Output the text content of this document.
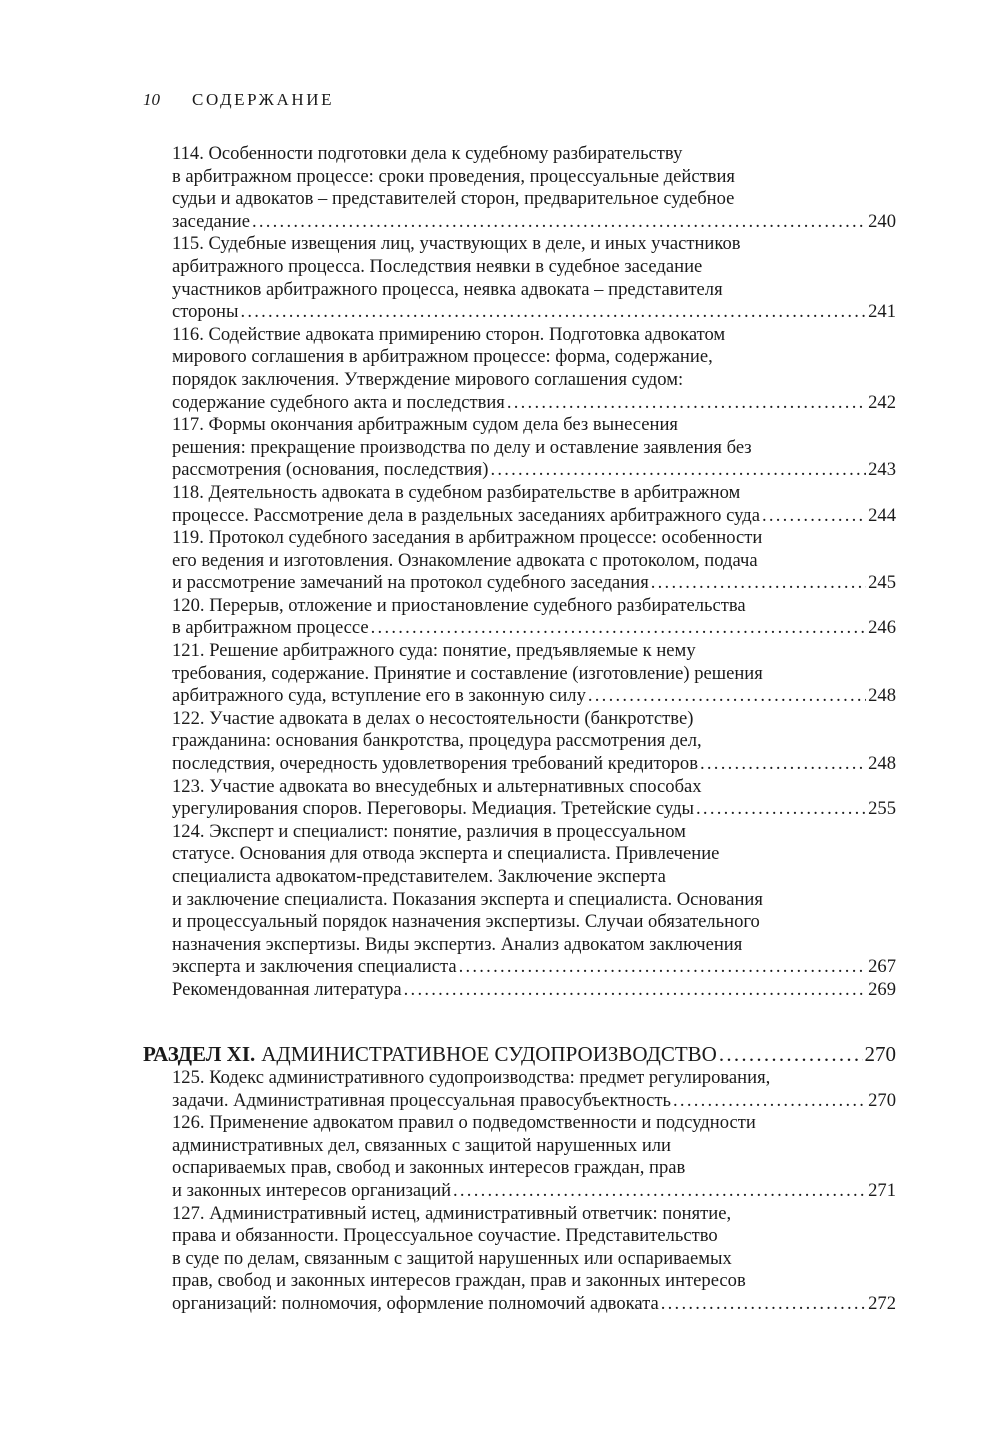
10	СОДЕРЖАНИЕ
114. Особенности подготовки дела к судебному разбирательству
в арбитражном процессе: сроки проведения, процессуальные действия
судьи и адвокатов – представителей сторон, предварительное судебное
заседание . . .	240
115. Судебные извещения лиц, участвующих в деле, и иных участников
арбитражного процесса. Последствия неявки в судебное заседание
участников арбитражного процесса, неявка адвоката – представителя
стороны . . .	241
116. Содействие адвоката примирению сторон. Подготовка адвокатом
мирового соглашения в арбитражном процессе: форма, содержание,
порядок заключения. Утверждение мирового соглашения судом:
содержание судебного акта и последствия . . .	242
117. Формы окончания арбитражным судом дела без вынесения
решения: прекращение производства по делу и оставление заявления без
рассмотрения (основания, последствия) . . .	243
118. Деятельность адвоката в судебном разбирательстве в арбитражном
процессе. Рассмотрение дела в раздельных заседаниях арбитражного суда . . .	244
119. Протокол судебного заседания в арбитражном процессе: особенности
его ведения и изготовления. Ознакомление адвоката с протоколом, подача
и рассмотрение замечаний на протокол судебного заседания . . .	245
120. Перерыв, отложение и приостановление судебного разбирательства
в арбитражном процессе . . .	246
121. Решение арбитражного суда: понятие, предъявляемые к нему
требования, содержание. Принятие и составление (изготовление) решения
арбитражного суда, вступление его в законную силу . . .	248
122. Участие адвоката в делах о несостоятельности (банкротстве)
гражданина: основания банкротства, процедура рассмотрения дел,
последствия, очередность удовлетворения требований кредиторов . . .	248
123. Участие адвоката во внесудебных и альтернативных способах
урегулирования споров. Переговоры. Медиация. Третейские суды . . .	255
124. Эксперт и специалист: понятие, различия в процессуальном
статусе. Основания для отвода эксперта и специалиста. Привлечение
специалиста адвокатом-представителем. Заключение эксперта
и заключение специалиста. Показания эксперта и специалиста. Основания
и процессуальный порядок назначения экспертизы. Случаи обязательного
назначения экспертизы. Виды экспертиз. Анализ адвокатом заключения
эксперта и заключения специалиста . . .	267
Рекомендованная литература . . .	269
РАЗДЕЛ XI. АДМИНИСТРАТИВНОЕ СУДОПРОИЗВОДСТВО . . .	270
125. Кодекс административного судопроизводства: предмет регулирования,
задачи. Административная процессуальная правосубъектность . . .	270
126. Применение адвокатом правил о подведомственности и подсудности
административных дел, связанных с защитой нарушенных или
оспариваемых прав, свобод и законных интересов граждан, прав
и законных интересов организаций . . .	271
127. Административный истец, административный ответчик: понятие,
права и обязанности. Процессуальное соучастие. Представительство
в суде по делам, связанным с защитой нарушенных или оспариваемых
прав, свобод и законных интересов граждан, прав и законных интересов
организаций: полномочия, оформление полномочий адвоката . . .	272
